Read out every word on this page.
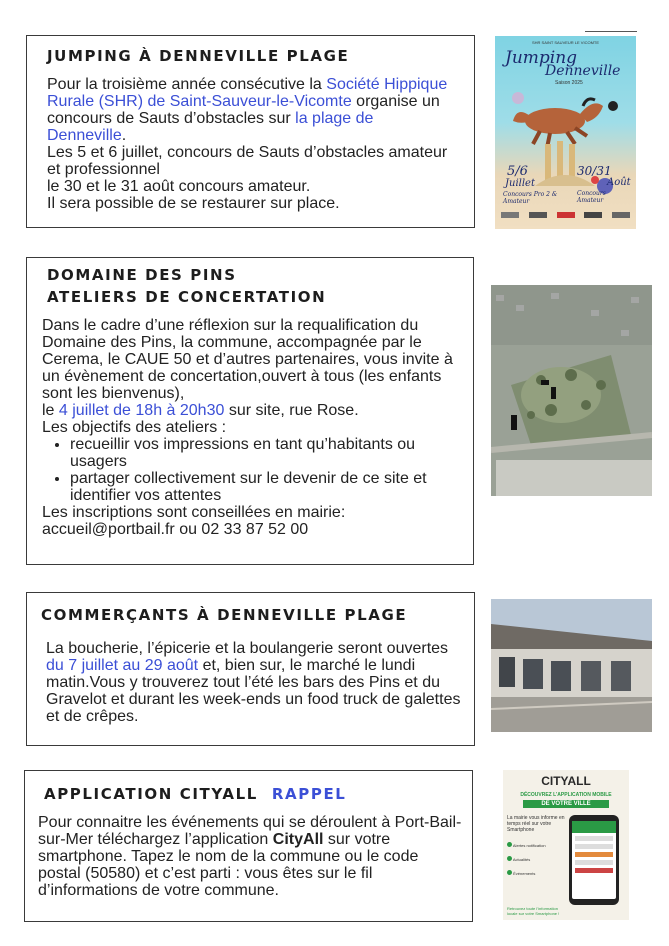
JUMPING À DENNEVILLE PLAGE
Pour la troisième année consécutive la Société Hippique Rurale (SHR) de Saint-Sauveur-le-Vicomte organise un concours de Sauts d’obstacles sur la plage de Denneville.
Les 5 et 6 juillet, concours de Sauts d’obstacles amateur et professionnel
le 30 et le 31 août concours amateur.
Il sera possible de se restaurer sur place.
SHR SAINT SAUVEUR LE VICOMTE
Jumping
Denneville
Saison 2025
5/6
Juillet
Concours Pro 2 & Amateur
30/31
Août
Concours Amateur
DOMAINE DES PINS
ATELIERS DE CONCERTATION
Dans le cadre d’une réflexion sur la requalification du Domaine des Pins, la commune, accompagnée par le Cerema, le CAUE 50 et d’autres partenaires, vous invite à un évènement de concertation,ouvert à tous (les enfants sont les bienvenus),
le 4 juillet de 18h à 20h30 sur site, rue Rose.
Les objectifs des ateliers :
• recueillir vos impressions en tant qu’habitants ou usagers
• partager collectivement sur le devenir de ce site et identifier vos attentes
Les inscriptions sont conseillées en mairie: accueil@portbail.fr ou 02 33 87 52 00
COMMERÇANTS À DENNEVILLE PLAGE
La boucherie, l’épicerie et la boulangerie seront ouvertes du 7 juillet au 29 août et, bien sur, le marché le lundi matin.Vous y trouverez tout l’été les bars des Pins et du Gravelot et durant les week-ends un food truck de galettes et de crêpes.
APPLICATION CITYALL RAPPEL
Pour connaitre les événements qui se déroulent à Port-Bail-sur-Mer téléchargez l’application CityAll sur votre smartphone. Tapez le nom de la commune ou le code postal (50580) et c’est parti : vous êtes sur le fil d’informations de votre commune.
CITYALL
DÉCOUVREZ L’APPLICATION MOBILE
DE VOTRE VILLE
La mairie vous informe en temps réel sur votre Smartphone
Alertes notification
Actualités
Événements
Retrouvez toute l’information locale sur votre Smartphone !
